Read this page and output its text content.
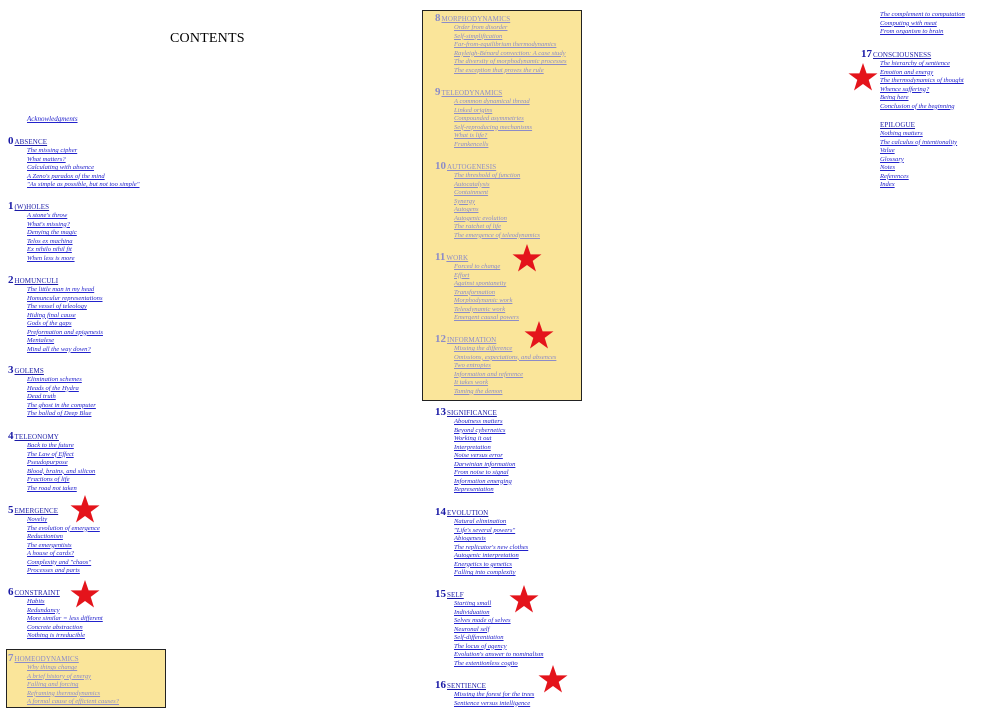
CONTENTS
Acknowledgments
The complement to computation
Computing with meat
From organism to brain
0ABSENCE
The missing cipher
What matters?
Calculating with absence
A Zeno's paradox of the mind
"As simple as possible, but not too simple"
1(W)HOLES
A stone's throw
What's missing?
Denying the magic
Telos ex machina
Ex nihilo nihil fit
When less is more
2HOMUNCULI
The little man in my head
Homunculur representations
The vessel of teleology
Hiding final cause
Gods of the gaps
Preformation and epigenesis
Mentalese
Mind all the way down?
3GOLEMS
Elimination schemes
Heads of the Hydra
Dead truth
The ghost in the computer
The ballad of Deep Blue
4TELEONOMY
Back to the future
The Law of Effect
Pseudopurpose
Blood, brains, and silicon
Fractions of life
The road not taken
5EMERGENCE
Novelty
The evolution of emergence
Reductionism
The emergentists
A house of cards?
Complexity and "chaos"
Processes and parts
6CONSTRAINT
Habits
Redundancy
More similar = less different
Concrete abstraction
Nothing is irreducible
7HOMEODYNAMICS
Why things change
A brief history of energy
Falling and forcing
Reframing thermodynamics
A formal cause of efficient causes?
8MORPHODYNAMICS
Order from disorder
Self-simplification
Far-from-equilibrium thermodynamics
Rayleigh-Bénard convection: A case study
The diversity of morphodynamic processes
The exception that proves the rule
9TELEODYNAMICS
A common dynamical thread
Linked origins
Compounded asymmetries
Self-reproducing mechanisms
What is life?
Frankencells
10AUTOGENESIS
The threshold of function
Autocatalysis
Containment
Synergy
Autogens
Autogenic evolution
The ratchet of life
The emergence of teleodynamics
11WORK
Forced to change
Effort
Against spontaneity
Transformation
Morphodynamic work
Teleodynamic work
Emergent causal powers
12INFORMATION
Missing the difference
Omissions, expectations, and absences
Two entropies
Information and reference
It takes work
Taming the demon
13SIGNIFICANCE
Aboutness matters
Beyond cybernetics
Working it out
Interpretation
Noise versus error
Darwinian information
From noise to signal
Information emerging
Representation
14EVOLUTION
Natural elimination
"Life's several powers"
Abiogenesis
The replicator's new clothes
Autogenic interpretation
Energetics to genetics
Falling into complexity
15SELF
Starting small
Individuation
Selves made of selves
Neuronal self
Self-differentiation
The locus of agency
Evolution's answer to nominalism
The extentionless cogito
16SENTIENCE
Missing the forest for the trees
Sentience versus intelligence
17CONSCIOUSNESS
The hierarchy of sentience
Emotion and energy
The thermodynamics of thought
Whence suffering?
Being here
Conclusion of the beginning
EPILOGUE
Nothing matters
The calculus of intentionality
Value
Glossary
Notes
References
Index
